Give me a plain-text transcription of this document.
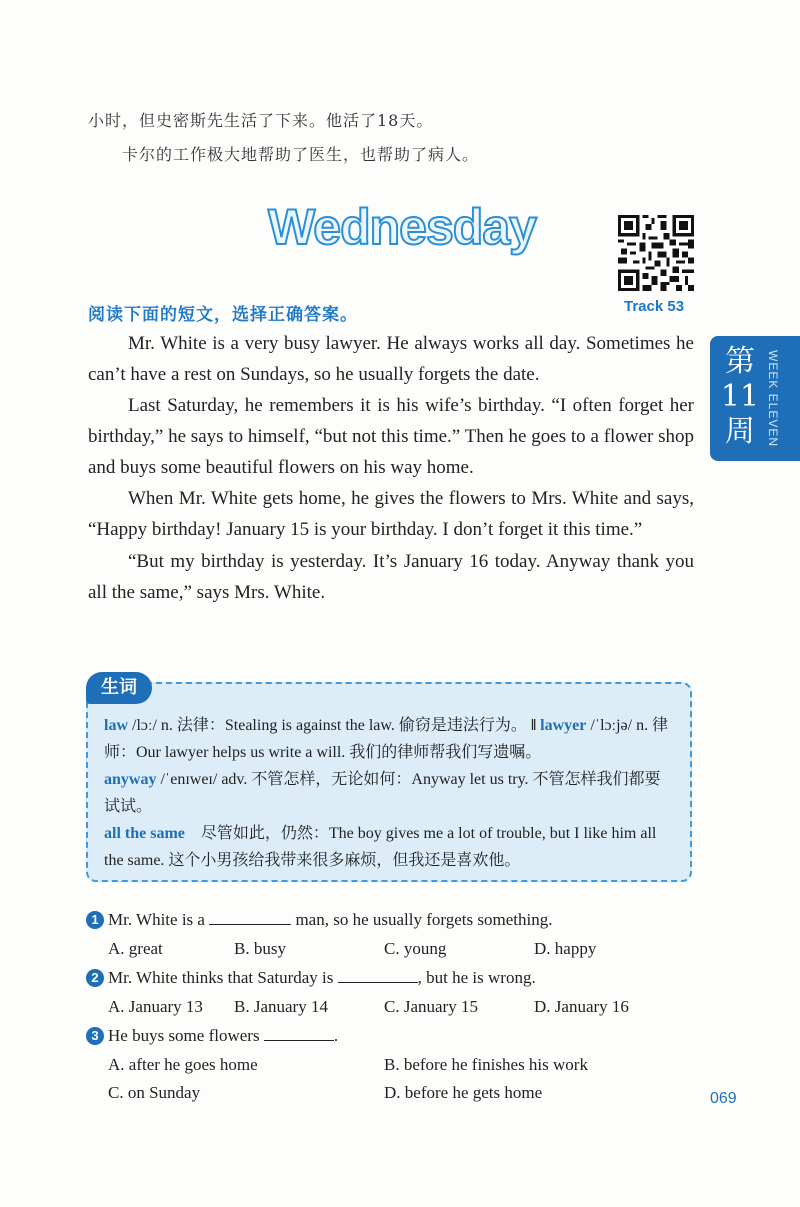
小时，但史密斯先生活了下来。他活了18天。
卡尔的工作极大地帮助了医生，也帮助了病人。
Wednesday
Track 53
阅读下面的短文，选择正确答案。
第11周 WEEK ELEVEN

Mr. White is a very busy lawyer. He always works all day. Sometimes he can’t have a rest on Sundays, so he usually forgets the date.

Last Saturday, he remembers it is his wife’s birthday. “I often forget her birthday,” he says to himself, “but not this time.” Then he goes to a flower shop and buys some beautiful flowers on his way home.

When Mr. White gets home, he gives the flowers to Mrs. White and says, “Happy birthday! January 15 is your birthday. I don’t forget it this time.”

“But my birthday is yesterday. It’s January 16 today. Anyway thank you all the same,” says Mrs. White.

生词
law /lɔː/ n. 法律：Stealing is against the law. 偷窃是违法行为。 ‖ lawyer /ˈlɔːjə/ n. 律师：Our lawyer helps us write a will. 我们的律师帮我们写遗嘱。
anyway /ˈenɪweɪ/ adv. 不管怎样，无论如何：Anyway let us try. 不管怎样我们都要试试。
all the same　尽管如此，仍然：The boy gives me a lot of trouble, but I like him all the same. 这个小男孩给我带来很多麻烦，但我还是喜欢他。
1 Mr. White is a	man, so he usually forgets something.
A. great	B. busy	C. young	D. happy
2 Mr. White thinks that Saturday is	, but he is wrong.
A. January 13 B. January 14	C. January 15	D. January 16
3 He buys some flowers	.
A. after he goes home	B. before he finishes his work
C. on Sunday	D. before he gets home	069
